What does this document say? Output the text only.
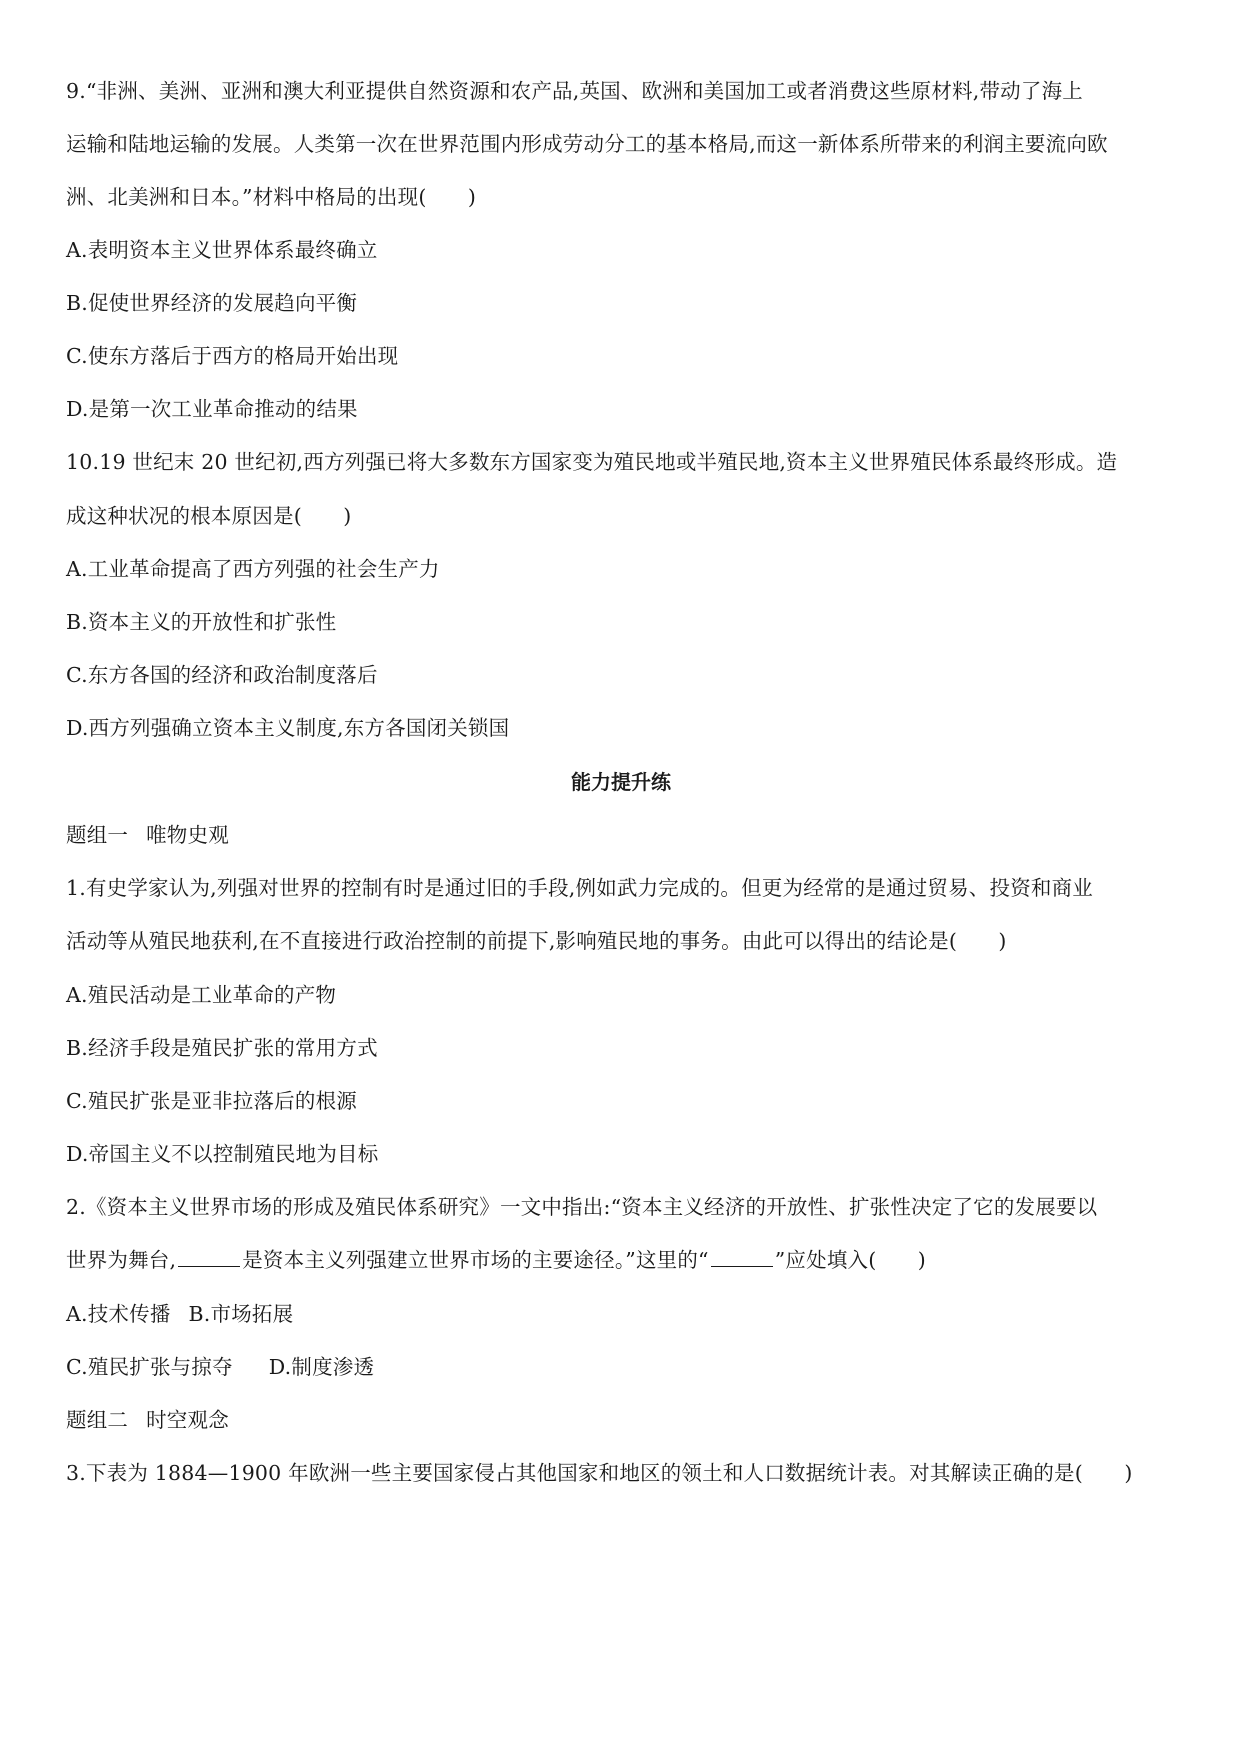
9.“非洲、美洲、亚洲和澳大利亚提供自然资源和农产品,英国、欧洲和美国加工或者消费这些原材料,带动了海上
运输和陆地运输的发展。人类第一次在世界范围内形成劳动分工的基本格局,而这一新体系所带来的利润主要流向欧
洲、北美洲和日本。”材料中格局的出现(　　)
A.表明资本主义世界体系最终确立
B.促使世界经济的发展趋向平衡
C.使东方落后于西方的格局开始出现
D.是第一次工业革命推动的结果
10.19 世纪末 20 世纪初,西方列强已将大多数东方国家变为殖民地或半殖民地,资本主义世界殖民体系最终形成。造
成这种状况的根本原因是(　　)
A.工业革命提高了西方列强的社会生产力
B.资本主义的开放性和扩张性
C.东方各国的经济和政治制度落后
D.西方列强确立资本主义制度,东方各国闭关锁国
能力提升练
题组一 唯物史观
1.有史学家认为,列强对世界的控制有时是通过旧的手段,例如武力完成的。但更为经常的是通过贸易、投资和商业
活动等从殖民地获利,在不直接进行政治控制的前提下,影响殖民地的事务。由此可以得出的结论是(　　)
A.殖民活动是工业革命的产物
B.经济手段是殖民扩张的常用方式
C.殖民扩张是亚非拉落后的根源
D.帝国主义不以控制殖民地为目标
2.《资本主义世界市场的形成及殖民体系研究》一文中指出:“资本主义经济的开放性、扩张性决定了它的发展要以
世界为舞台,	是资本主义列强建立世界市场的主要途径。”这里的“	”应处填入(　　)
A.技术传播 B.市场拓展
C.殖民扩张与掠夺 D.制度渗透
题组二 时空观念
3.下表为 1884—1900 年欧洲一些主要国家侵占其他国家和地区的领土和人口数据统计表。对其解读正确的是(　　)
